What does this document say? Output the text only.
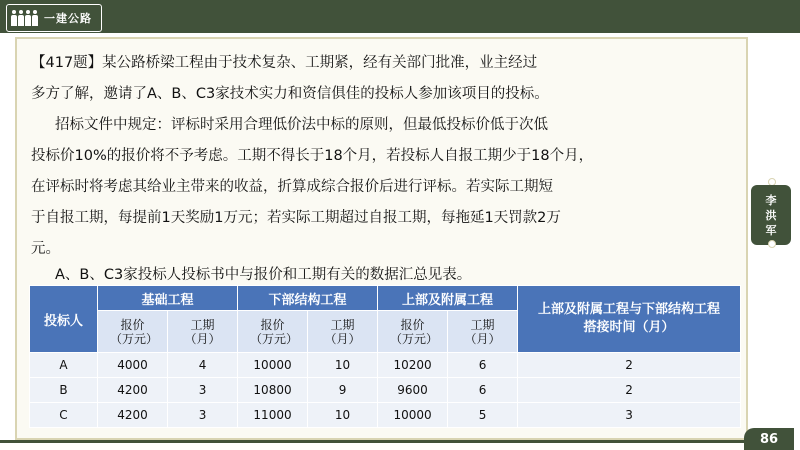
一建公路
李
洪
军
【417题】某公路桥梁工程由于技术复杂、工期紧，经有关部门批准，业主经过
多方了解，邀请了A、B、C3家技术实力和资信俱佳的投标人参加该项目的投标。
招标文件中规定：评标时采用合理低价法中标的原则，但最低投标价低于次低
投标价10%的报价将不予考虑。工期不得长于18个月，若投标人自报工期少于18个月，
在评标时将考虑其给业主带来的收益，折算成综合报价后进行评标。若实际工期短
于自报工期，每提前1天奖励1万元；若实际工期超过自报工期，每拖延1天罚款2万
元。
A、B、C3家投标人投标书中与报价和工期有关的数据汇总见表。
投标人	基础工程		下部结构工程		上部及附属工程		上部及附属工程与下部结构工程搭接时间（月）
	报价（万元）	工期（月）	报价（万元）	工期（月）	报价（万元）	工期（月）	
A	4000	4	10000	10	10200	6	2
B	4200	3	10800	9	9600	6	2
C	4200	3	11000	10	10000	5	3
86
